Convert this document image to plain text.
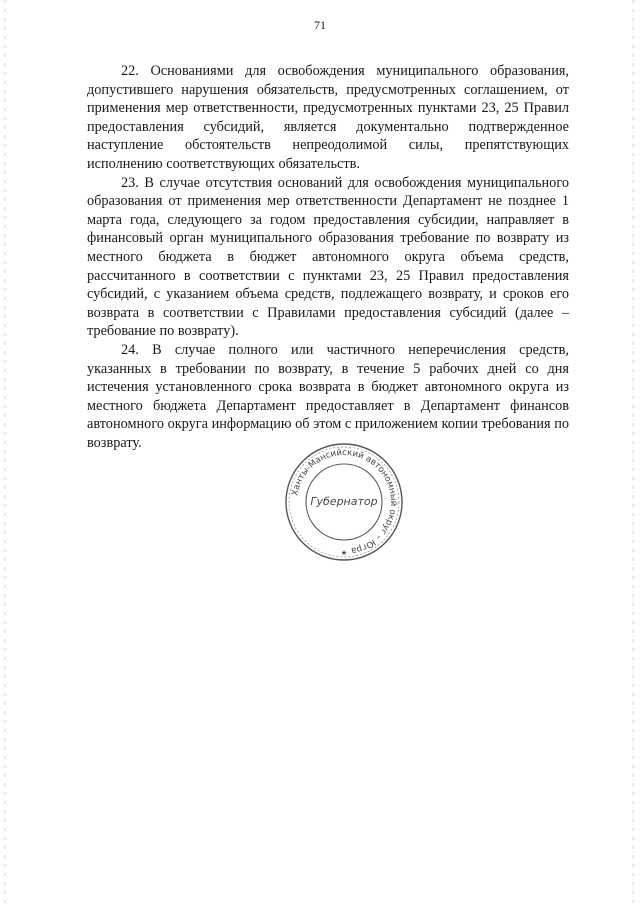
71

22. Основаниями для освобождения муниципального образования, допустившего нарушения обязательств, предусмотренных соглашением, от применения мер ответственности, предусмотренных пунктами 23, 25 Правил предоставления субсидий, является документально подтвержденное наступление обстоятельств непреодолимой силы, препятствующих исполнению соответствующих обязательств.

23. В случае отсутствия оснований для освобождения муниципального образования от применения мер ответственности Департамент не позднее 1 марта года, следующего за годом предоставления субсидии, направляет в финансовый орган муниципального образования требование по возврату из местного бюджета в бюджет автономного округа объема средств, рассчитанного в соответствии с пунктами 23, 25 Правил предоставления субсидий, с указанием объема средств, подлежащего возврату, и сроков его возврата в соответствии с Правилами предоставления субсидий (далее – требование по возврату).

24. В случае полного или частичного неперечисления средств, указанных в требовании по возврату, в течение 5 рабочих дней со дня истечения установленного срока возврата в бюджет автономного округа из местного бюджета Департамент предоставляет в Департамент финансов автономного округа информацию об этом с приложением копии требования по возврату.

Ханты-Мансийский автономный округ – Югра
Губернатор
★
